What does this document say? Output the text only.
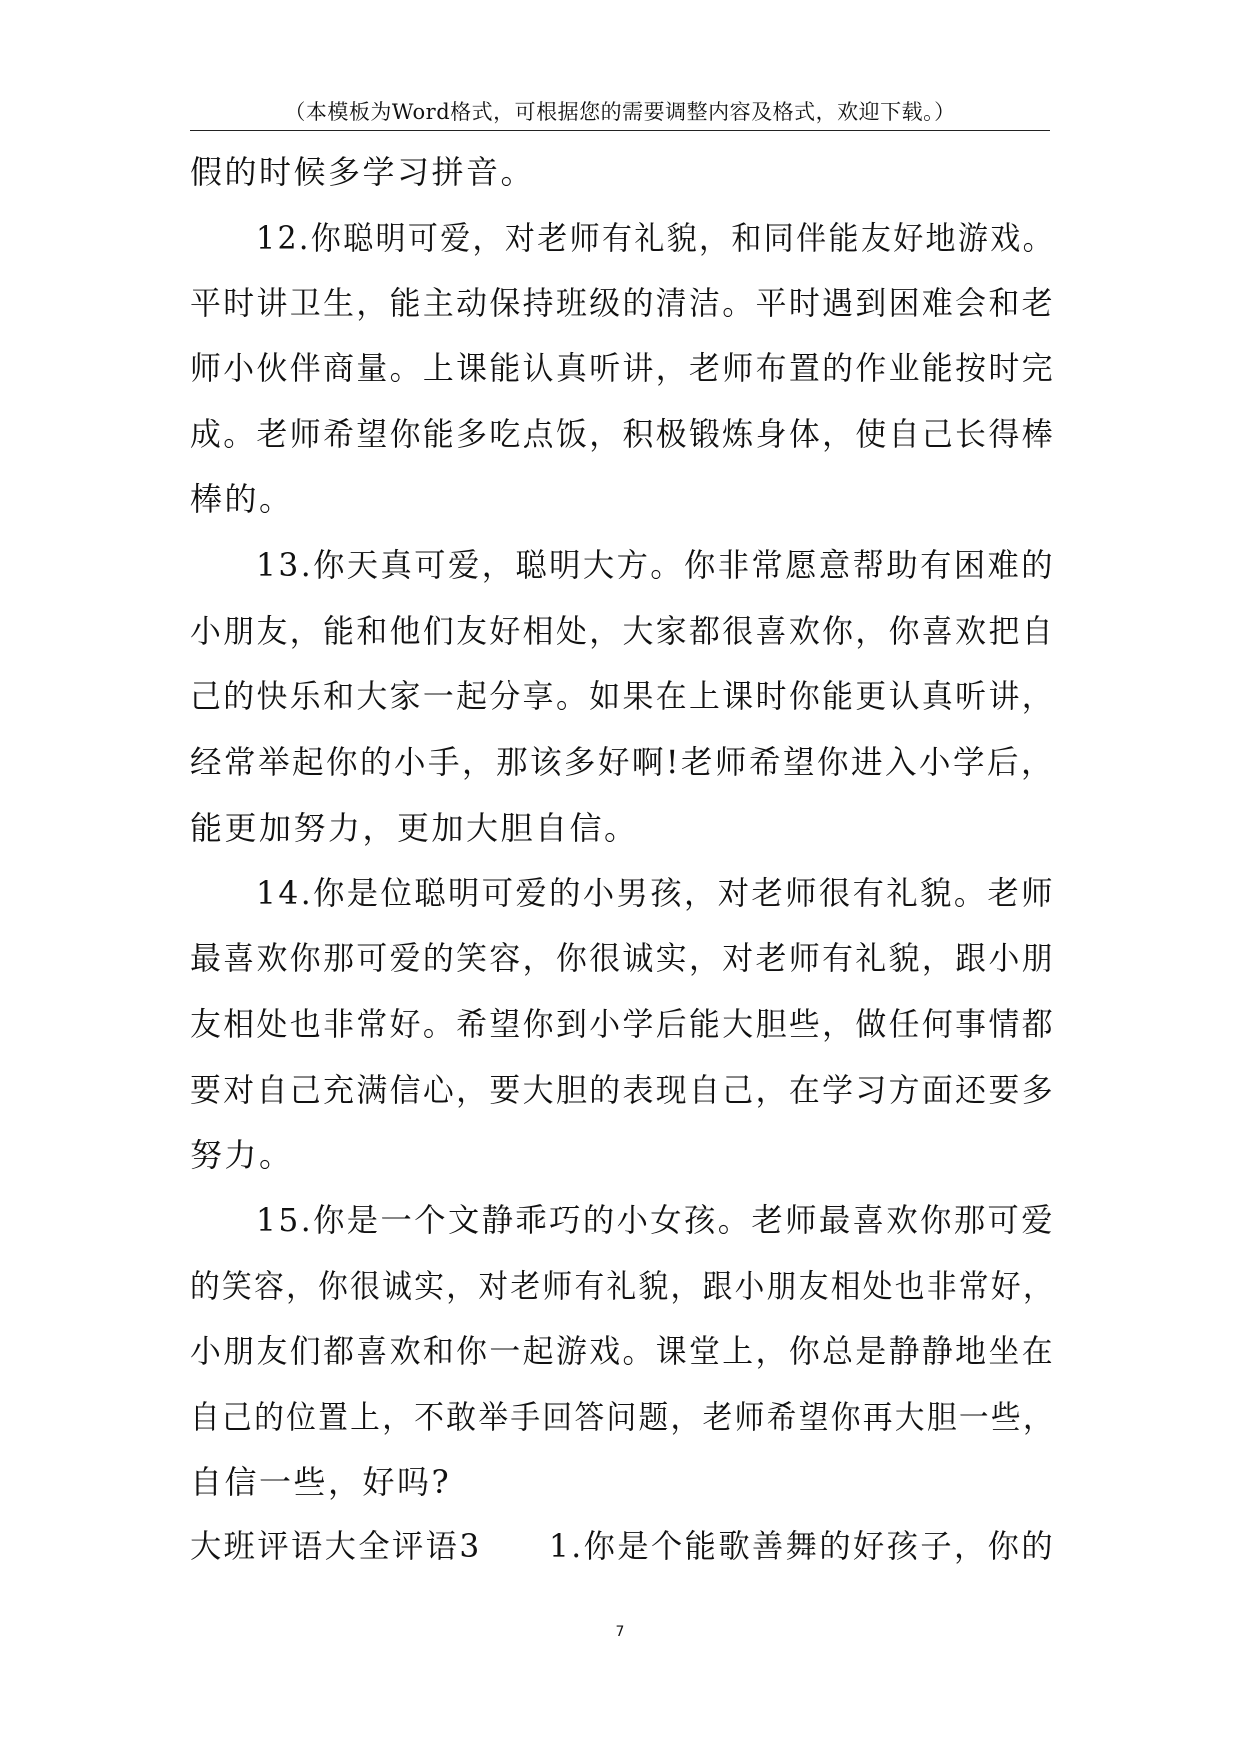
（本模板为Word格式，可根据您的需要调整内容及格式，欢迎下载。）
假的时候多学习拼音。
12.你聪明可爱，对老师有礼貌，和同伴能友好地游戏。
平时讲卫生，能主动保持班级的清洁。平时遇到困难会和老
师小伙伴商量。上课能认真听讲，老师布置的作业能按时完
成。老师希望你能多吃点饭，积极锻炼身体，使自己长得棒
棒的。
13.你天真可爱，聪明大方。你非常愿意帮助有困难的
小朋友，能和他们友好相处，大家都很喜欢你，你喜欢把自
己的快乐和大家一起分享。如果在上课时你能更认真听讲，
经常举起你的小手，那该多好啊!老师希望你进入小学后，
能更加努力，更加大胆自信。
14.你是位聪明可爱的小男孩，对老师很有礼貌。老师
最喜欢你那可爱的笑容，你很诚实，对老师有礼貌，跟小朋
友相处也非常好。希望你到小学后能大胆些，做任何事情都
要对自己充满信心，要大胆的表现自己，在学习方面还要多
努力。
15.你是一个文静乖巧的小女孩。老师最喜欢你那可爱
的笑容，你很诚实，对老师有礼貌，跟小朋友相处也非常好，
小朋友们都喜欢和你一起游戏。课堂上，你总是静静地坐在
自己的位置上，不敢举手回答问题，老师希望你再大胆一些，
自信一些，好吗?
大班评语大全评语3　　1.你是个能歌善舞的好孩子，你的
7
